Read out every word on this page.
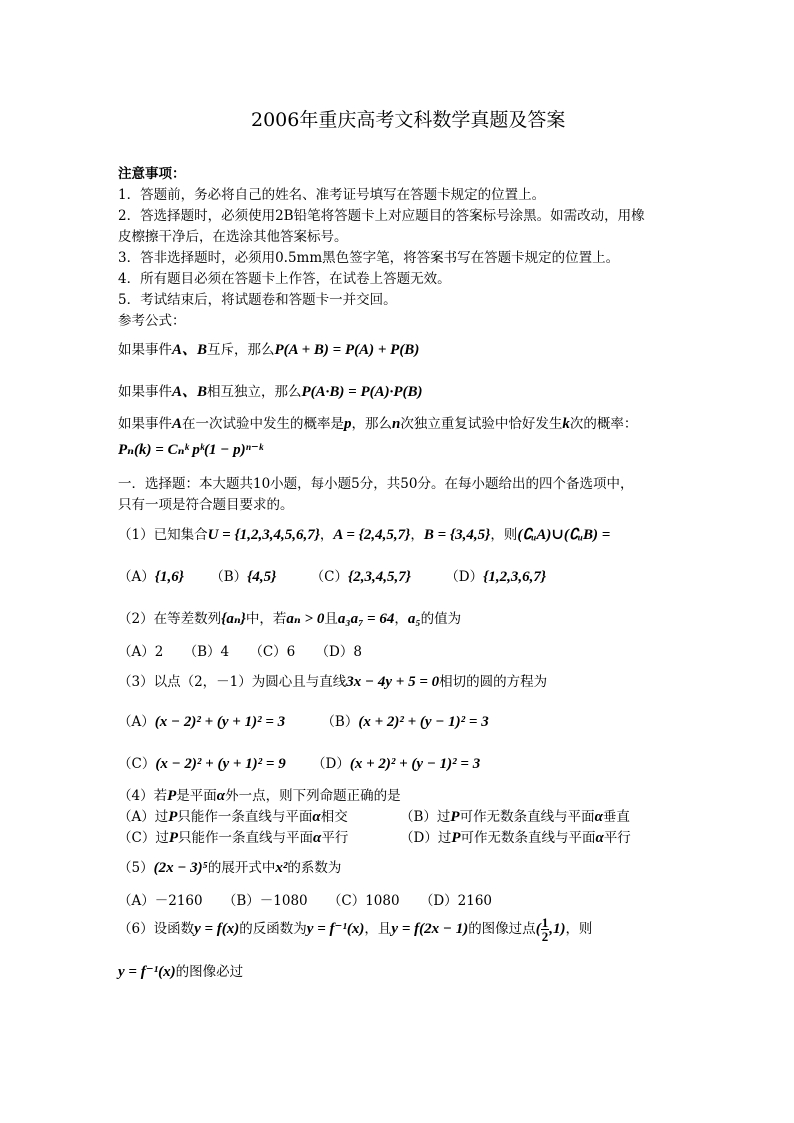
2006年重庆高考文科数学真题及答案
注意事项：
1．答题前，务必将自己的姓名、准考证号填写在答题卡规定的位置上。
2．答选择题时，必须使用2B铅笔将答题卡上对应题目的答案标号涂黑。如需改动，用橡
皮檫擦干净后，在选涂其他答案标号。
3．答非选择题时，必须用0.5mm黑色签字笔，将答案书写在答题卡规定的位置上。
4．所有题目必须在答题卡上作答，在试卷上答题无效。
5．考试结束后，将试题卷和答题卡一并交回。
参考公式：
如果事件A、B互斥，那么P(A + B) = P(A) + P(B)
如果事件A、B相互独立，那么P(A·B) = P(A)·P(B)
如果事件A在一次试验中发生的概率是p，那么n次独立重复试验中恰好发生k次的概率：
Pₙ(k) = Cₙᵏ pᵏ(1 − p)ⁿ⁻ᵏ
一．选择题：本大题共10小题，每小题5分，共50分。在每小题给出的四个备选项中，
只有一项是符合题目要求的。
（1）已知集合U = {1,2,3,4,5,6,7}，A = {2,4,5,7}，B = {3,4,5}，则(∁ᵤA)∪(∁ᵤB) =
（A）{1,6} （B）{4,5}	（C）{2,3,4,5,7}	（D）{1,2,3,6,7}
（2）在等差数列{aₙ}中，若aₙ > 0且a₃a₇ = 64，a₅的值为
（A）2　　（B）4　　（C）6　　（D）8
（3）以点（2，－1）为圆心且与直线3x − 4y + 5 = 0相切的圆的方程为
（A）(x − 2)² + (y + 1)² = 3	（B）(x + 2)² + (y − 1)² = 3
（C）(x − 2)² + (y + 1)² = 9 （D）(x + 2)² + (y − 1)² = 3
（4）若P是平面α外一点，则下列命题正确的是
（A）过P只能作一条直线与平面α相交	（B）过P可作无数条直线与平面α垂直
（C）过P只能作一条直线与平面α平行	（D）过P可作无数条直线与平面α平行
（5）(2x − 3)⁵的展开式中x²的系数为
（A）－2160　　（B）－1080　　（C）1080　　（D）2160
（6）设函数y = f(x)的反函数为y = f⁻¹(x)，且y = f(2x − 1)的图像过点( $\frac{1}{2} ,1$)，则
y = f⁻¹(x)的图像必过
